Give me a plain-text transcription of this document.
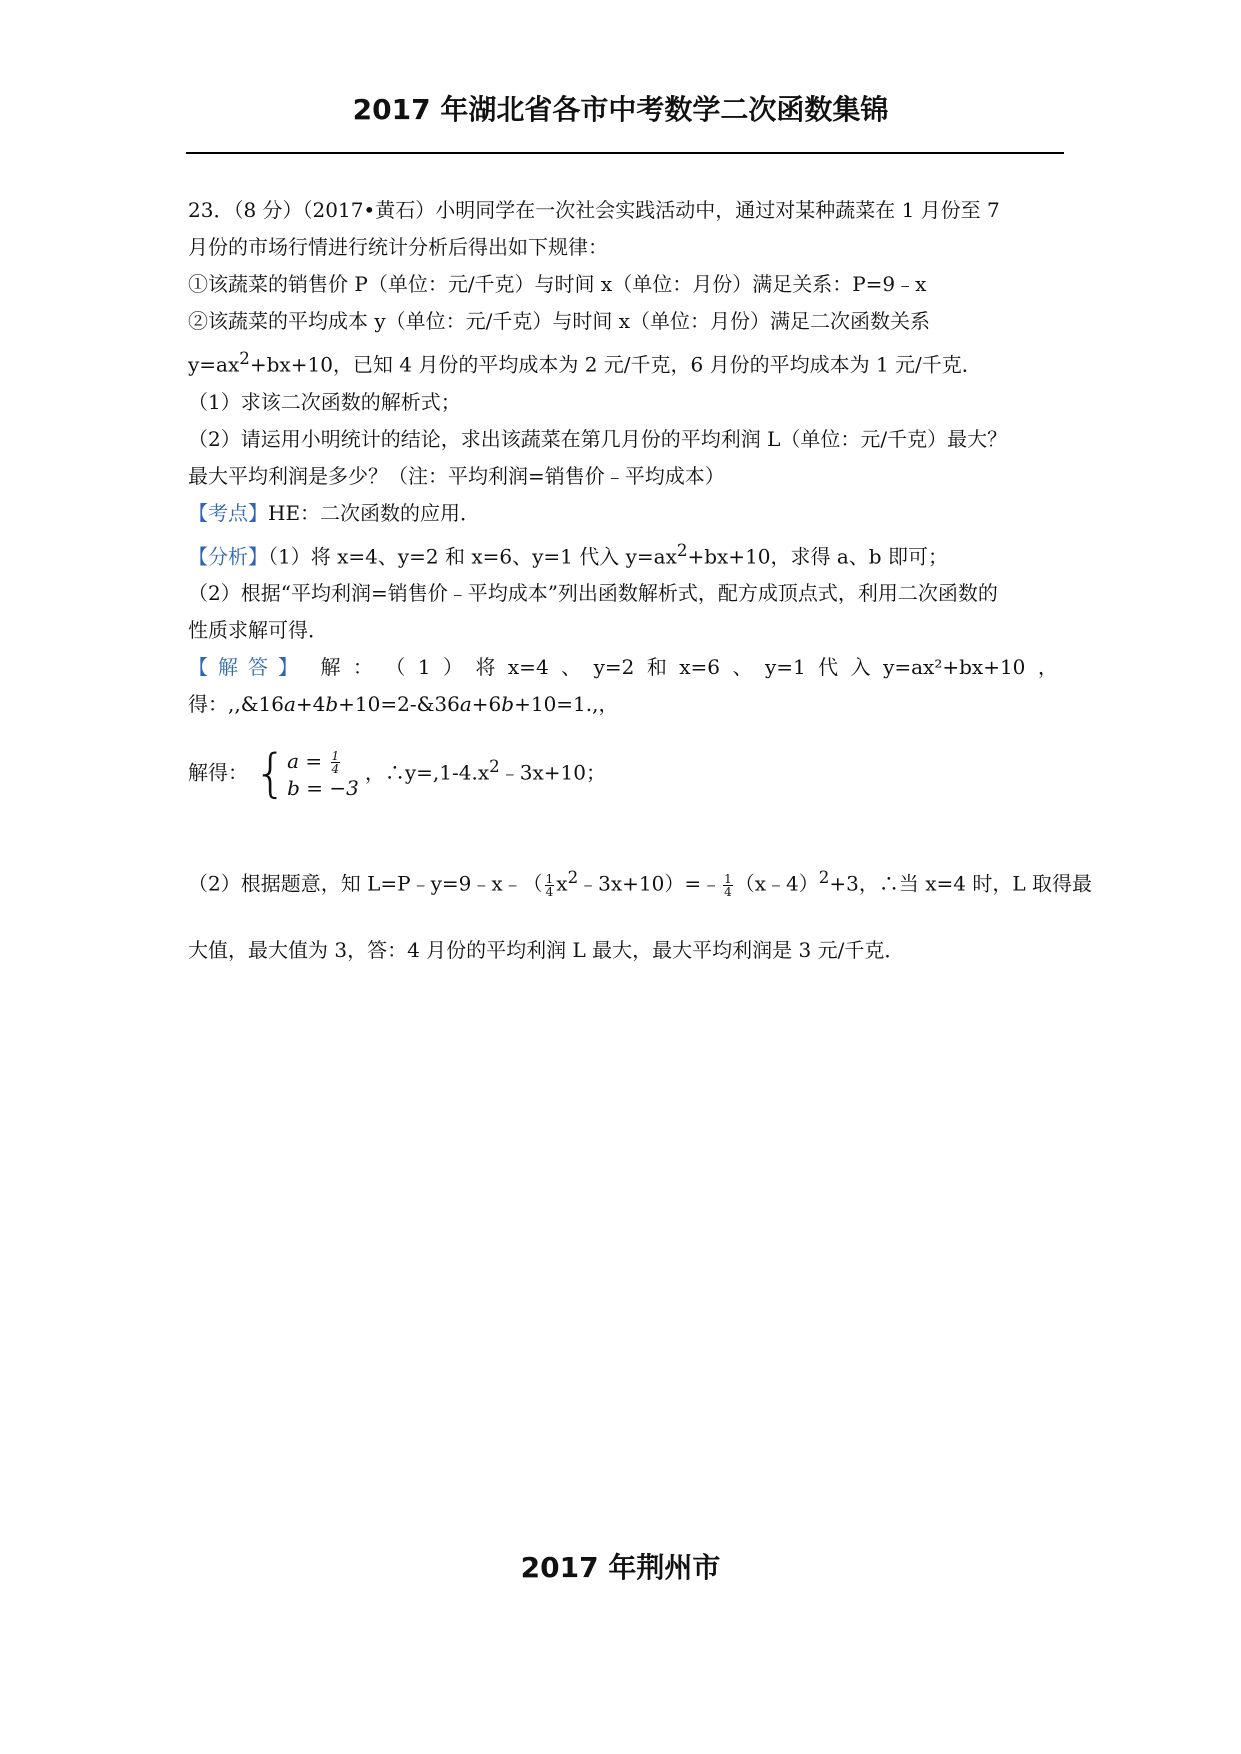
2017 年湖北省各市中考数学二次函数集锦
23．（8 分）（2017•黄石）小明同学在一次社会实践活动中，通过对某种蔬菜在 1 月份至 7
月份的市场行情进行统计分析后得出如下规律：
①该蔬菜的销售价 P（单位：元/千克）与时间 x（单位：月份）满足关系：P=9﹣x
②该蔬菜的平均成本 y（单位：元/千克）与时间 x（单位：月份）满足二次函数关系
$y=ax^2+bx+10$，已知 4 月份的平均成本为 2 元/千克，6 月份的平均成本为 1 元/千克．
（1）求该二次函数的解析式；
（2）请运用小明统计的结论，求出该蔬菜在第几月份的平均利润 L（单位：元/千克）最大？
最大平均利润是多少？（注：平均利润=销售价﹣平均成本）
【考点】HE：二次函数的应用．
【分析】（1）将 x=4、y=2 和 x=6、y=1 代入 $y=ax^2+bx+10$，求得 a、b 即可；
（2）根据“平均利润=销售价﹣平均成本”列出函数解析式，配方成顶点式，利用二次函数的
性质求解可得．
【解答】 解 ： （ 1 ） 将 x=4 、 y=2 和 x=6 、 y=1 代 入 y=ax²+bx+10 ，
得：,,&16𝑎+4𝑏+10=2-&36𝑎+6𝑏+10=1.,，
解得： { $a = \frac{1}{4}$
b = −3
，$\therefore y=,1-4.x^2﹣3x+10$；
（2）根据题意，知 L=P﹣y=9﹣x﹣（ $\frac{1}{4}$ $x^2﹣3x+10)=﹣ \frac{1}{4}$ （x﹣4）$^2$+3，∴当 x=4 时，L 取得最
大值，最大值为 3，答：4 月份的平均利润 L 最大，最大平均利润是 3 元/千克．
2017 年荆州市
